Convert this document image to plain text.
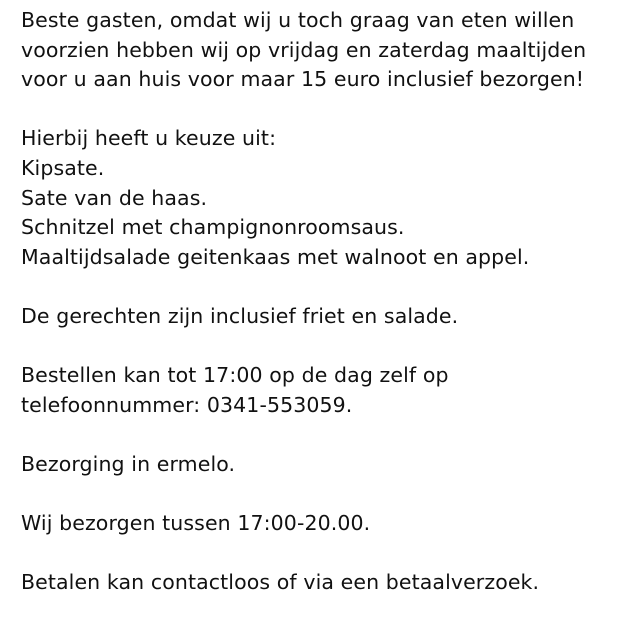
Beste gasten, omdat wij u toch graag van eten willen
voorzien hebben wij op vrijdag en zaterdag maaltijden
voor u aan huis voor maar 15 euro inclusief bezorgen!
Hierbij heeft u keuze uit:
Kipsate.
Sate van de haas.
Schnitzel met champignonroomsaus.
Maaltijdsalade geitenkaas met walnoot en appel.
De gerechten zijn inclusief friet en salade.
Bestellen kan tot 17:00 op de dag zelf op
telefoonnummer: 0341-553059.
Bezorging in ermelo.
Wij bezorgen tussen 17:00-20.00.
Betalen kan contactloos of via een betaalverzoek.
